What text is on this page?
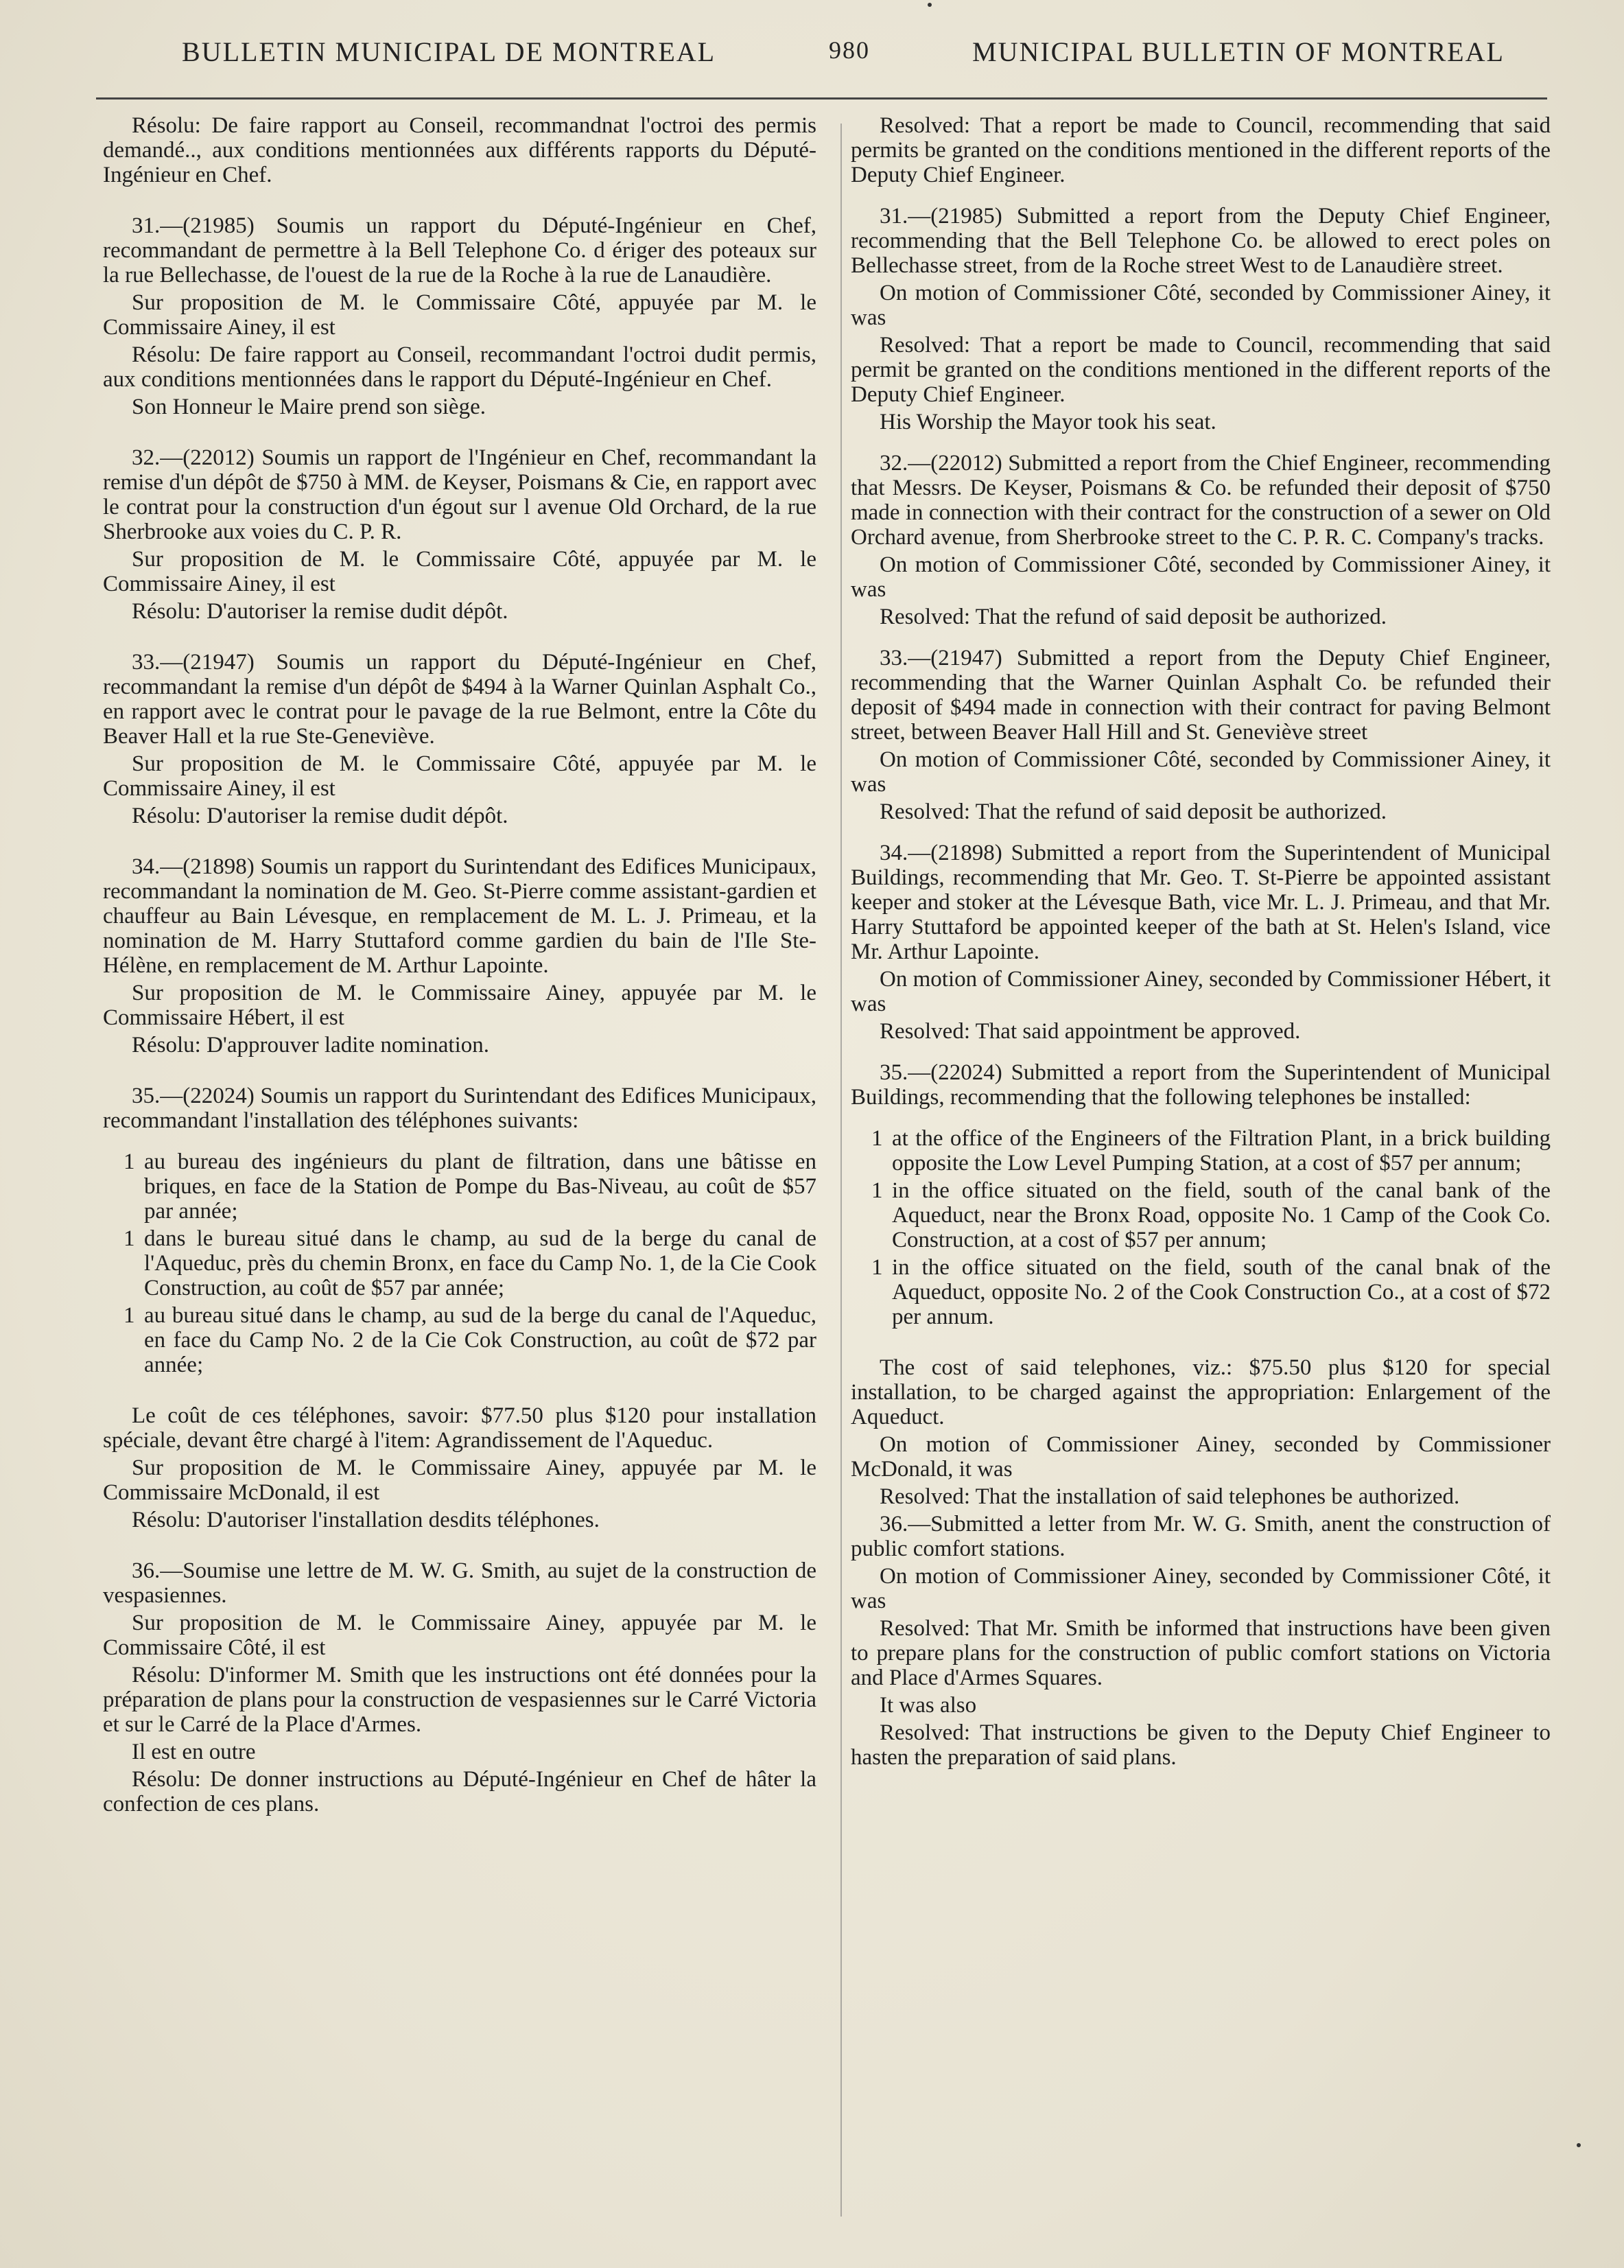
BULLETIN MUNICIPAL DE MONTREAL	980	MUNICIPAL BULLETIN OF MONTREAL

Résolu: De faire rapport au Conseil, recommandnat l'octroi des permis demandé.., aux conditions mentionnées aux différents rapports du Député-Ingénieur en Chef.

31.—(21985) Soumis un rapport du Député-Ingénieur en Chef, recommandant de permettre à la Bell Telephone Co. d ériger des poteaux sur la rue Bellechasse, de l'ouest de la rue de la Roche à la rue de Lanaudière.

Sur proposition de M. le Commissaire Côté, appuyée par M. le Commissaire Ainey, il est

Résolu: De faire rapport au Conseil, recommandant l'octroi dudit permis, aux conditions mentionnées dans le rapport du Député-Ingénieur en Chef.

Son Honneur le Maire prend son siège.

32.—(22012) Soumis un rapport de l'Ingénieur en Chef, recommandant la remise d'un dépôt de $750 à MM. de Keyser, Poismans & Cie, en rapport avec le contrat pour la construction d'un égout sur l avenue Old Orchard, de la rue Sherbrooke aux voies du C. P. R.

Sur proposition de M. le Commissaire Côté, appuyée par M. le Commissaire Ainey, il est

Résolu: D'autoriser la remise dudit dépôt.

33.—(21947) Soumis un rapport du Député-Ingénieur en Chef, recommandant la remise d'un dépôt de $494 à la Warner Quinlan Asphalt Co., en rapport avec le contrat pour le pavage de la rue Belmont, entre la Côte du Beaver Hall et la rue Ste-Geneviève.

Sur proposition de M. le Commissaire Côté, appuyée par M. le Commissaire Ainey, il est

Résolu: D'autoriser la remise dudit dépôt.

34.—(21898) Soumis un rapport du Surintendant des Edifices Municipaux, recommandant la nomination de M. Geo. St-Pierre comme assistant-gardien et chauffeur au Bain Lévesque, en remplacement de M. L. J. Primeau, et la nomination de M. Harry Stuttaford comme gardien du bain de l'Ile Ste-Hélène, en remplacement de M. Arthur Lapointe.

Sur proposition de M. le Commissaire Ainey, appuyée par M. le Commissaire Hébert, il est

Résolu: D'approuver ladite nomination.

35.—(22024) Soumis un rapport du Surintendant des Edifices Municipaux, recommandant l'installation des téléphones suivants:

1 au bureau des ingénieurs du plant de filtration, dans une bâtisse en briques, en face de la Station de Pompe du Bas-Niveau, au coût de $57 par année;

1 dans le bureau situé dans le champ, au sud de la berge du canal de l'Aqueduc, près du chemin Bronx, en face du Camp No. 1, de la Cie Cook Construction, au coût de $57 par année;

1 au bureau situé dans le champ, au sud de la berge du canal de l'Aqueduc, en face du Camp No. 2 de la Cie Cok Construction, au coût de $72 par année;

Le coût de ces téléphones, savoir: $77.50 plus $120 pour installation spéciale, devant être chargé à l'item: Agrandissement de l'Aqueduc.

Sur proposition de M. le Commissaire Ainey, appuyée par M. le Commissaire McDonald, il est

Résolu: D'autoriser l'installation desdits téléphones.

36.—Soumise une lettre de M. W. G. Smith, au sujet de la construction de vespasiennes.

Sur proposition de M. le Commissaire Ainey, appuyée par M. le Commissaire Côté, il est

Résolu: D'informer M. Smith que les instructions ont été données pour la préparation de plans pour la construction de vespasiennes sur le Carré Victoria et sur le Carré de la Place d'Armes.

Il est en outre

Résolu: De donner instructions au Député-Ingénieur en Chef de hâter la confection de ces plans.

Resolved: That a report be made to Council, recommending that said permits be granted on the conditions mentioned in the different reports of the Deputy Chief Engineer.

31.—(21985) Submitted a report from the Deputy Chief Engineer, recommending that the Bell Telephone Co. be allowed to erect poles on Bellechasse street, from de la Roche street West to de Lanaudière street.

On motion of Commissioner Côté, seconded by Commissioner Ainey, it was

Resolved: That a report be made to Council, recommending that said permit be granted on the conditions mentioned in the different reports of the Deputy Chief Engineer.

His Worship the Mayor took his seat.

32.—(22012) Submitted a report from the Chief Engineer, recommending that Messrs. De Keyser, Poismans & Co. be refunded their deposit of $750 made in connection with their contract for the construction of a sewer on Old Orchard avenue, from Sherbrooke street to the C. P. R. C. Company's tracks.

On motion of Commissioner Côté, seconded by Commissioner Ainey, it was

Resolved: That the refund of said deposit be authorized.

33.—(21947) Submitted a report from the Deputy Chief Engineer, recommending that the Warner Quinlan Asphalt Co. be refunded their deposit of $494 made in connection with their contract for paving Belmont street, between Beaver Hall Hill and St. Geneviève street

On motion of Commissioner Côté, seconded by Commissioner Ainey, it was

Resolved: That the refund of said deposit be authorized.

34.—(21898) Submitted a report from the Superintendent of Municipal Buildings, recommending that Mr. Geo. T. St-Pierre be appointed assistant keeper and stoker at the Lévesque Bath, vice Mr. L. J. Primeau, and that Mr. Harry Stuttaford be appointed keeper of the bath at St. Helen's Island, vice Mr. Arthur Lapointe.

On motion of Commissioner Ainey, seconded by Commissioner Hébert, it was

Resolved: That said appointment be approved.

35.—(22024) Submitted a report from the Superintendent of Municipal Buildings, recommending that the following telephones be installed:

1 at the office of the Engineers of the Filtration Plant, in a brick building opposite the Low Level Pumping Station, at a cost of $57 per annum;

1 in the office situated on the field, south of the canal bank of the Aqueduct, near the Bronx Road, opposite No. 1 Camp of the Cook Co. Construction, at a cost of $57 per annum;

1 in the office situated on the field, south of the canal bnak of the Aqueduct, opposite No. 2 of the Cook Construction Co., at a cost of $72 per annum.

The cost of said telephones, viz.: $75.50 plus $120 for special installation, to be charged against the appropriation: Enlargement of the Aqueduct.

On motion of Commissioner Ainey, seconded by Commissioner McDonald, it was

Resolved: That the installation of said telephones be authorized.

36.—Submitted a letter from Mr. W. G. Smith, anent the construction of public comfort stations.

On motion of Commissioner Ainey, seconded by Commissioner Côté, it was

Resolved: That Mr. Smith be informed that instructions have been given to prepare plans for the construction of public comfort stations on Victoria and Place d'Armes Squares.

It was also

Resolved: That instructions be given to the Deputy Chief Engineer to hasten the preparation of said plans.
